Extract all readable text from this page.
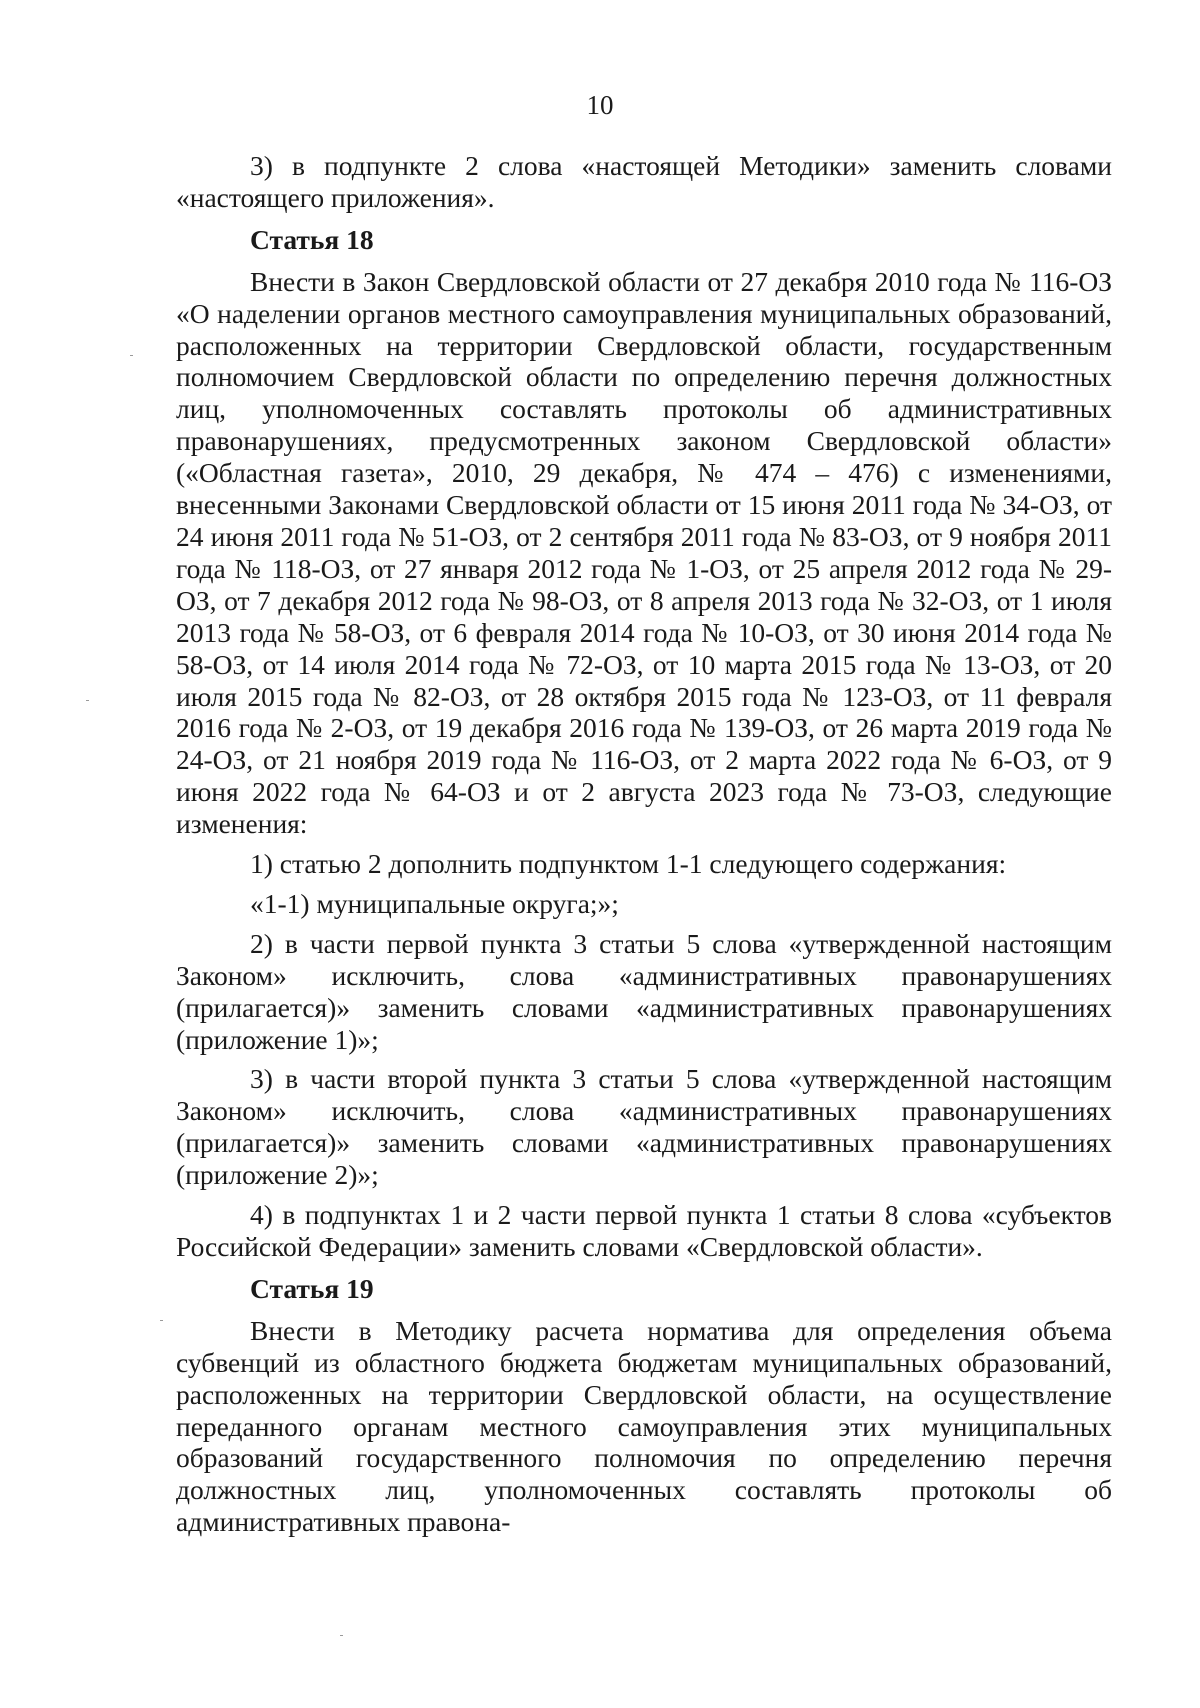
10

3) в подпункте 2 слова «настоящей Методики» заменить словами «настоящего приложения».

Статья 18

Внести в Закон Свердловской области от 27 декабря 2010 года № 116-ОЗ «О наделении органов местного самоуправления муниципальных образований, расположенных на территории Свердловской области, государственным полномочием Свердловской области по определению перечня должностных лиц, уполномоченных составлять протоколы об административных правонарушениях, предусмотренных законом Свердловской области» («Областная газета», 2010, 29 декабря, № 474 – 476) с изменениями, внесенными Законами Свердловской области от 15 июня 2011 года № 34-ОЗ, от 24 июня 2011 года № 51-ОЗ, от 2 сентября 2011 года № 83-ОЗ, от 9 ноября 2011 года № 118-ОЗ, от 27 января 2012 года № 1-ОЗ, от 25 апреля 2012 года № 29-ОЗ, от 7 декабря 2012 года № 98-ОЗ, от 8 апреля 2013 года № 32-ОЗ, от 1 июля 2013 года № 58-ОЗ, от 6 февраля 2014 года № 10-ОЗ, от 30 июня 2014 года № 58-ОЗ, от 14 июля 2014 года № 72-ОЗ, от 10 марта 2015 года № 13-ОЗ, от 20 июля 2015 года № 82-ОЗ, от 28 октября 2015 года № 123-ОЗ, от 11 февраля 2016 года № 2-ОЗ, от 19 декабря 2016 года № 139-ОЗ, от 26 марта 2019 года № 24-ОЗ, от 21 ноября 2019 года № 116-ОЗ, от 2 марта 2022 года № 6-ОЗ, от 9 июня 2022 года № 64-ОЗ и от 2 августа 2023 года № 73-ОЗ, следующие изменения:

1) статью 2 дополнить подпунктом 1-1 следующего содержания:

«1-1) муниципальные округа;»;

2) в части первой пункта 3 статьи 5 слова «утвержденной настоящим Законом» исключить, слова «административных правонарушениях (прилагается)» заменить словами «административных правонарушениях (приложение 1)»;

3) в части второй пункта 3 статьи 5 слова «утвержденной настоящим Законом» исключить, слова «административных правонарушениях (прилагается)» заменить словами «административных правонарушениях (приложение 2)»;

4) в подпунктах 1 и 2 части первой пункта 1 статьи 8 слова «субъектов Российской Федерации» заменить словами «Свердловской области».

Статья 19

Внести в Методику расчета норматива для определения объема субвенций из областного бюджета бюджетам муниципальных образований, расположенных на территории Свердловской области, на осуществление переданного органам местного самоуправления этих муниципальных образований государственного полномочия по определению перечня должностных лиц, уполномоченных составлять протоколы об административных правона-
